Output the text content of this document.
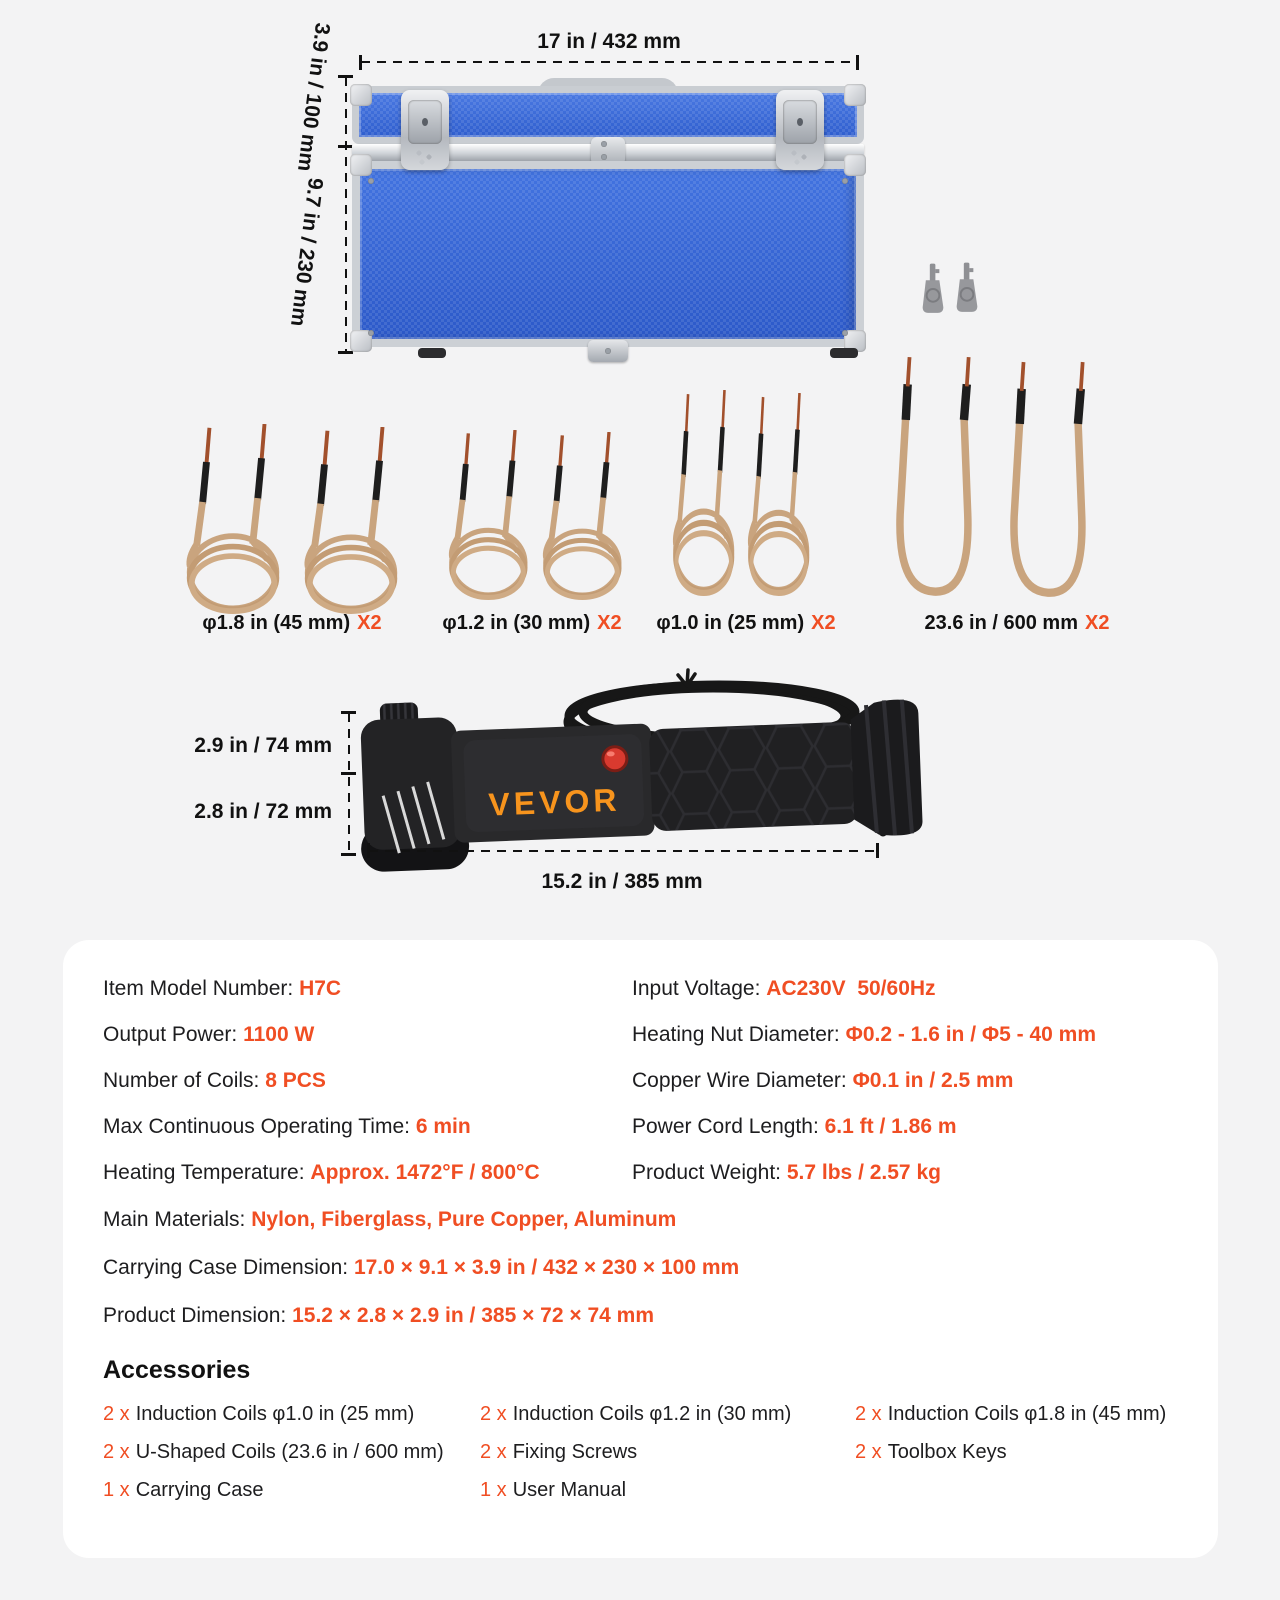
17 in / 432 mm
3.9 in / 100 mm
9.7 in / 230 mm
φ1.8 in (45 mm) X2	φ1.2 in (30 mm) X2 φ1.0 in (25 mm) X2	23.6 in / 600 mm X2
VEVOR
2.9 in / 74 mm
2.8 in / 72 mm
15.2 in / 385 mm
Item Model Number: H7C	Input Voltage: AC230V  50/60Hz
Output Power: 1100 W	Heating Nut Diameter: Φ0.2 - 1.6 in / Φ5 - 40 mm
Number of Coils: 8 PCS	Copper Wire Diameter: Φ0.1 in / 2.5 mm
Max Continuous Operating Time: 6 min	Power Cord Length: 6.1 ft / 1.86 m
Heating Temperature: Approx. 1472°F / 800°C	Product Weight: 5.7 lbs / 2.57 kg
Main Materials: Nylon, Fiberglass, Pure Copper, Aluminum
Carrying Case Dimension: 17.0 × 9.1 × 3.9 in / 432 × 230 × 100 mm
Product Dimension: 15.2 × 2.8 × 2.9 in / 385 × 72 × 74 mm
Accessories
2 x Induction Coils φ1.0 in (25 mm)	2 x Induction Coils φ1.2 in (30 mm)	2 x Induction Coils φ1.8 in (45 mm)
2 x U-Shaped Coils (23.6 in / 600 mm)	2 x Fixing Screws	2 x Toolbox Keys
1 x Carrying Case	1 x User Manual
